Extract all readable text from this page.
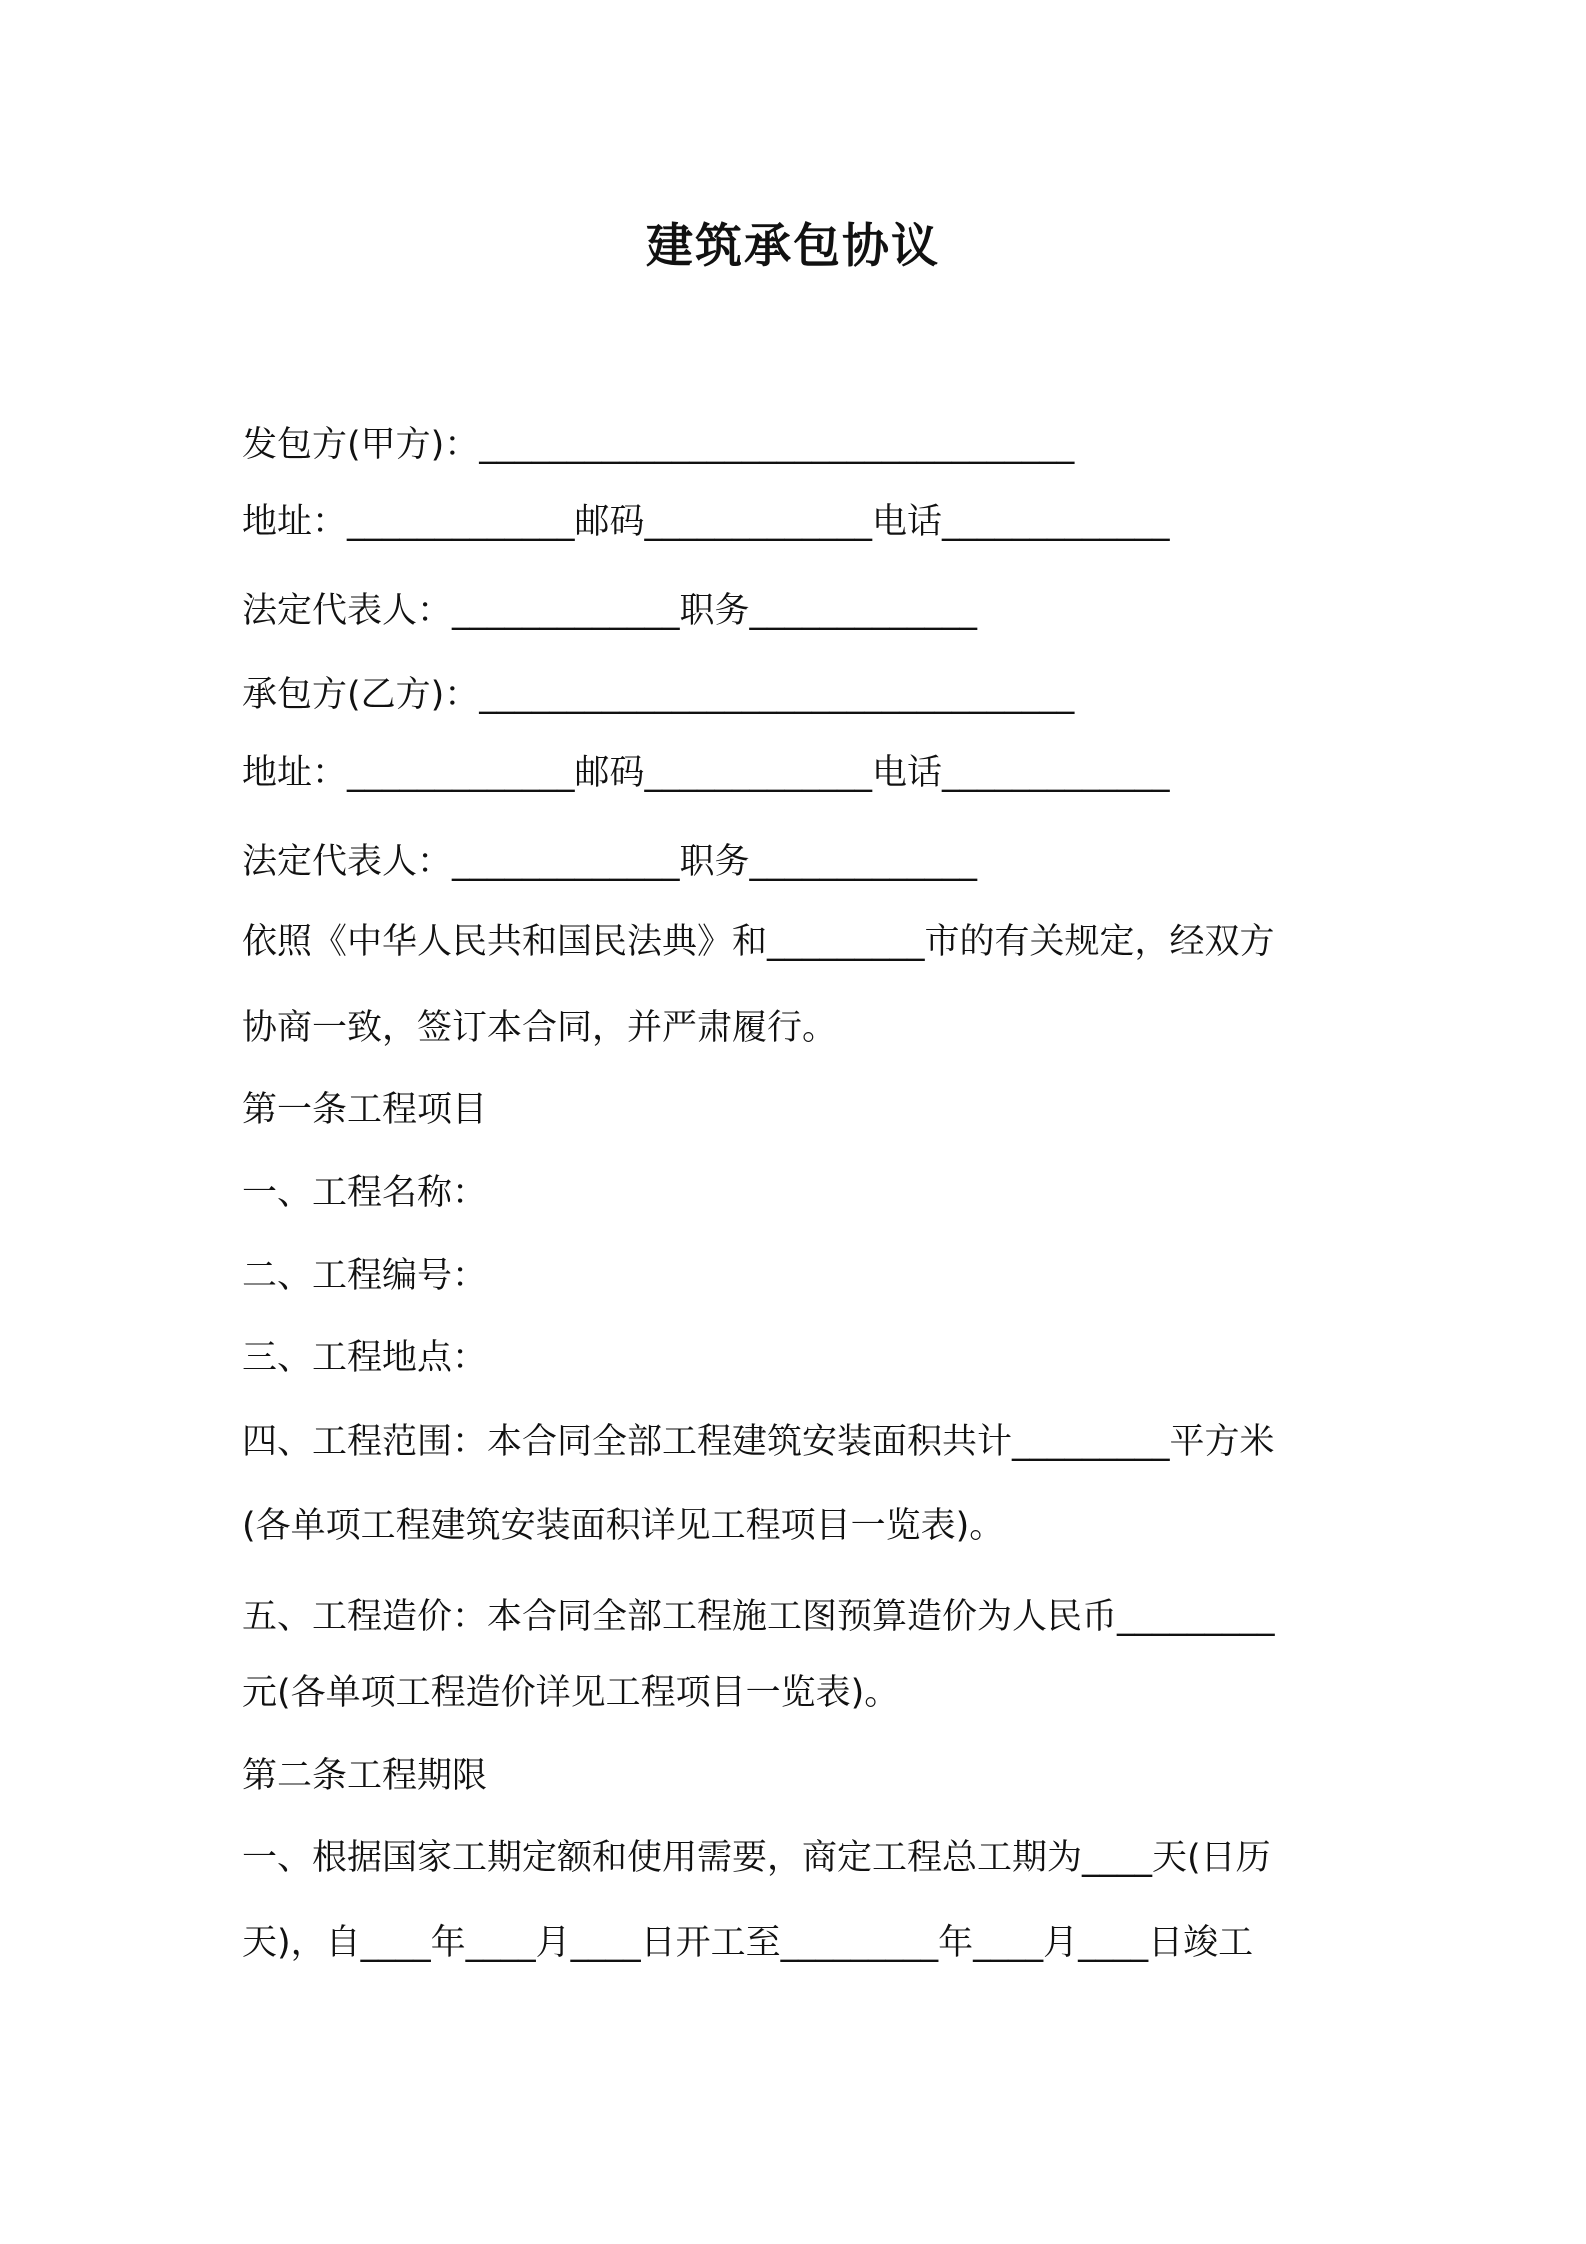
建筑承包协议
发包方(甲方)：__________________________________
地址：_____________邮码_____________电话_____________
法定代表人：_____________职务_____________
承包方(乙方)：__________________________________
地址：_____________邮码_____________电话_____________
法定代表人：_____________职务_____________
依照《中华人民共和国民法典》和_________市的有关规定，经双方
协商一致，签订本合同，并严肃履行。
第一条工程项目
一、工程名称：
二、工程编号：
三、工程地点：
四、工程范围：本合同全部工程建筑安装面积共计_________平方米
(各单项工程建筑安装面积详见工程项目一览表)。
五、工程造价：本合同全部工程施工图预算造价为人民币_________
元(各单项工程造价详见工程项目一览表)。
第二条工程期限
一、根据国家工期定额和使用需要，商定工程总工期为____天(日历
天)，自____年____月____日开工至_________年____月____日竣工
